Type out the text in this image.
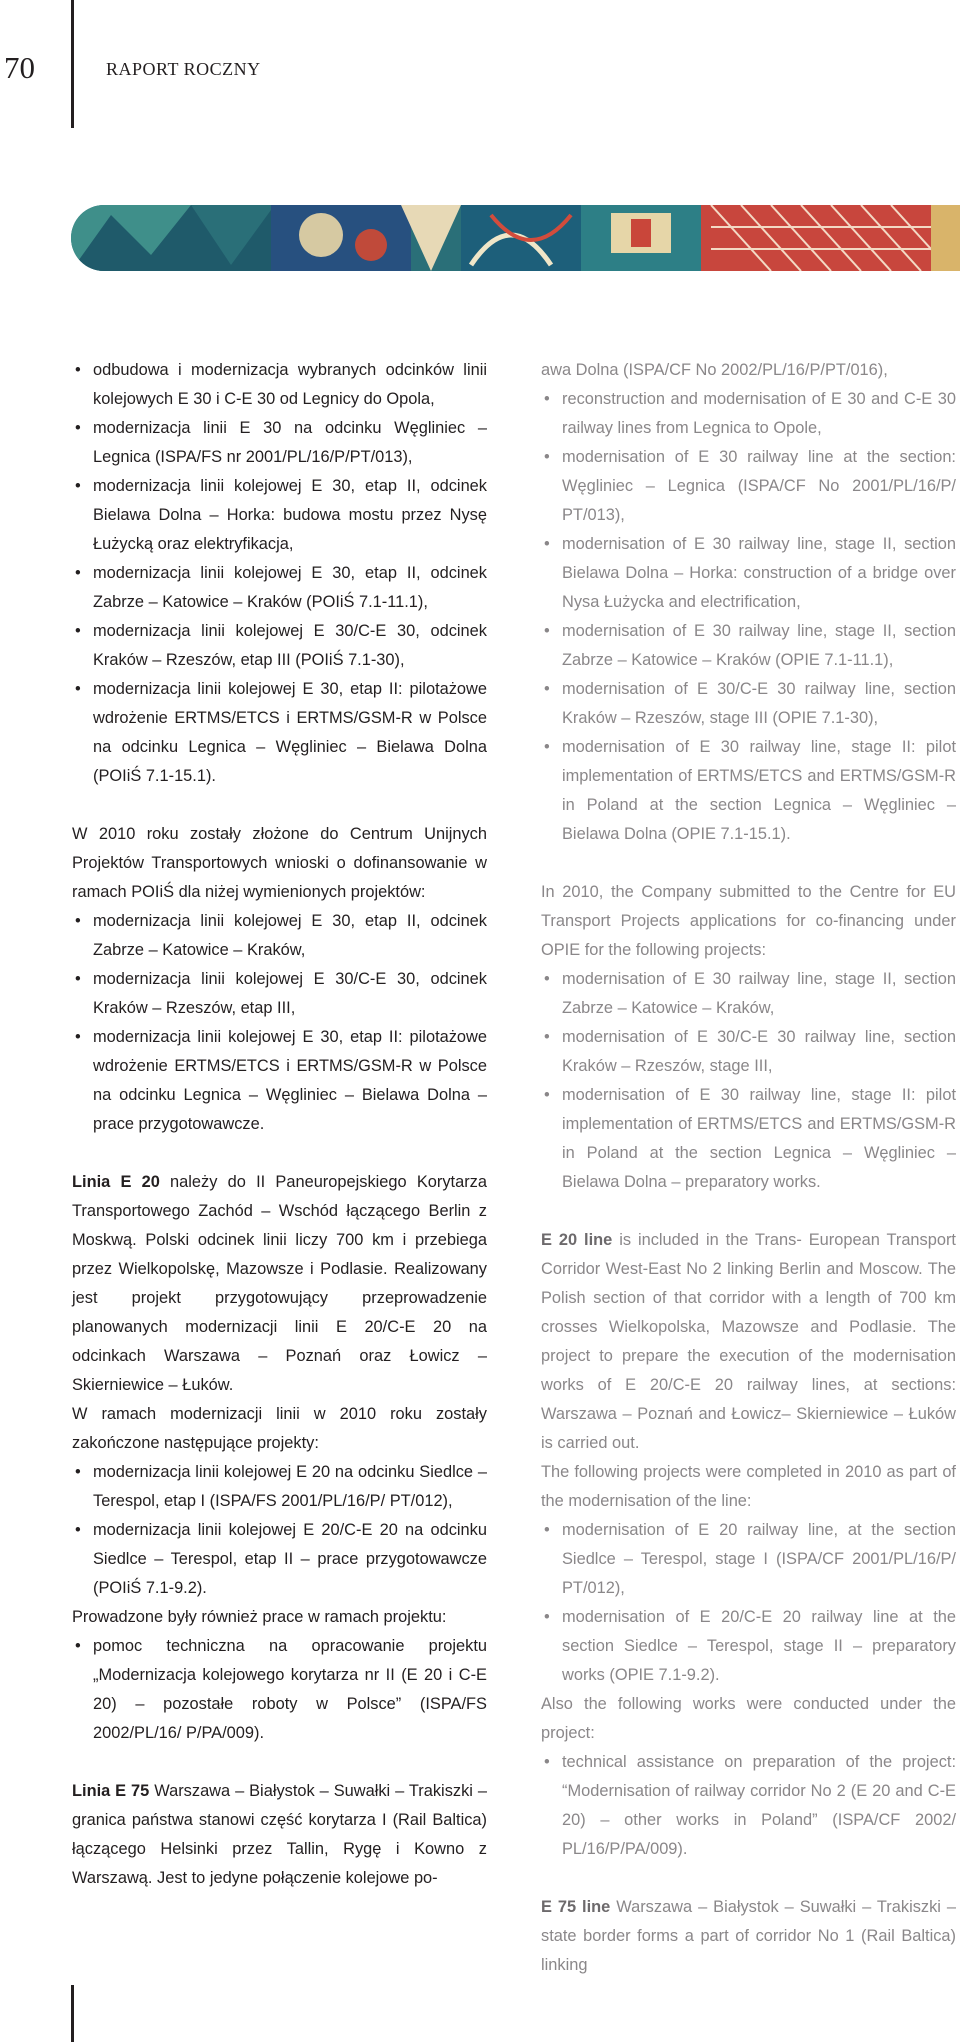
70	RAPORT ROCZNY
• odbudowa i modernizacja wybranych odcinków linii kolejowych E 30 i C-E 30 od Legnicy do Opola,
• modernizacja linii E 30 na odcinku Węgliniec – Legnica (ISPA/FS nr 2001/PL/16/P/PT/013),
• modernizacja linii kolejowej E 30, etap II, odcinek Bielawa Dolna – Horka: budowa mostu przez Nysę Łużycką oraz elektryfikacja,
• modernizacja linii kolejowej E 30, etap II, odcinek Zabrze – Katowice – Kraków (POIiŚ 7.1-11.1),
• modernizacja linii kolejowej E 30/C-E 30, odcinek Kraków – Rzeszów, etap III (POIiŚ 7.1-30),
• modernizacja linii kolejowej E 30, etap II: pilotażowe wdrożenie ERTMS/ETCS i ERTMS/GSM-R w Polsce na odcinku Legnica – Węgliniec – Bielawa Dolna (POIiŚ 7.1-15.1).

W 2010 roku zostały złożone do Centrum Unijnych Projektów Transportowych wnioski o dofinansowanie w ramach POIiŚ dla niżej wymienionych projektów:

• modernizacja linii kolejowej E 30, etap II, odcinek Zabrze – Katowice – Kraków,
• modernizacja linii kolejowej E 30/C-E 30, odcinek Kraków – Rzeszów, etap III,
• modernizacja linii kolejowej E 30, etap II: pilotażowe wdrożenie ERTMS/ETCS i ERTMS/GSM-R w Polsce na odcinku Legnica – Węgliniec – Bielawa Dolna – prace przygotowawcze.

Linia E 20 należy do II Paneuropejskiego Korytarza Transportowego Zachód – Wschód łączącego Berlin z Moskwą. Polski odcinek linii liczy 700 km i przebiega przez Wielkopolskę, Mazowsze i Podlasie. Realizowany jest projekt przygotowujący przeprowadzenie planowanych modernizacji linii E 20/C-E 20 na odcinkach Warszawa – Poznań oraz Łowicz – Skierniewice – Łuków.

W ramach modernizacji linii w 2010 roku zostały zakończone następujące projekty:

• modernizacja linii kolejowej E 20 na odcinku Siedlce – Terespol, etap I (ISPA/FS 2001/PL/16/P/ PT/012),
• modernizacja linii kolejowej E 20/C-E 20 na odcinku Siedlce – Terespol, etap II – prace przygotowawcze (POIiŚ 7.1-9.2).

Prowadzone były również prace w ramach projektu:

• pomoc techniczna na opracowanie projektu „Modernizacja kolejowego korytarza nr II (E 20 i C-E 20) – pozostałe roboty w Polsce” (ISPA/FS 2002/PL/16/ P/PA/009).

Linia E 75 Warszawa – Białystok – Suwałki – Trakiszki – granica państwa stanowi część korytarza I (Rail Baltica) łączącego Helsinki przez Tallin, Rygę i Kowno z Warszawą. Jest to jedyne połączenie kolejowe po-

awa Dolna (ISPA/CF No 2002/PL/16/P/PT/016),

• reconstruction and modernisation of E 30 and C-E 30 railway lines from Legnica to Opole,
• modernisation of E 30 railway line at the section: Węgliniec – Legnica (ISPA/CF No 2001/PL/16/P/ PT/013),
• modernisation of E 30 railway line, stage II, section Bielawa Dolna – Horka: construction of a bridge over Nysa Łużycka and electrification,
• modernisation of E 30 railway line, stage II, section Zabrze – Katowice – Kraków (OPIE 7.1-11.1),
• modernisation of E 30/C-E 30 railway line, section Kraków – Rzeszów, stage III (OPIE 7.1-30),
• modernisation of E 30 railway line, stage II: pilot implementation of ERTMS/ETCS and ERTMS/GSM-R in Poland at the section Legnica – Węgliniec – Bielawa Dolna (OPIE 7.1-15.1).

In 2010, the Company submitted to the Centre for EU Transport Projects applications for co-financing under OPIE for the following projects:

• modernisation of E 30 railway line, stage II, section Zabrze – Katowice – Kraków,
• modernisation of E 30/C-E 30 railway line, section Kraków – Rzeszów, stage III,
• modernisation of E 30 railway line, stage II: pilot implementation of ERTMS/ETCS and ERTMS/GSM-R in Poland at the section Legnica – Węgliniec – Bielawa Dolna – preparatory works.

E 20 line is included in the Trans- European Transport Corridor West-East No 2 linking Berlin and Moscow. The Polish section of that corridor with a length of 700 km crosses Wielkopolska, Mazowsze and Podlasie. The project to prepare the execution of the modernisation works of E 20/C-E 20 railway lines, at sections: Warszawa – Poznań and Łowicz– Skierniewice – Łuków is carried out.

The following projects were completed in 2010 as part of the modernisation of the line:

• modernisation of E 20 railway line, at the section Siedlce – Terespol, stage I (ISPA/CF 2001/PL/16/P/ PT/012),
• modernisation of E 20/C-E 20 railway line at the section Siedlce – Terespol, stage II – preparatory works (OPIE 7.1-9.2).

Also the following works were conducted under the project:

• technical assistance on preparation of the project: “Modernisation of railway corridor No 2 (E 20 and C-E 20) – other works in Poland” (ISPA/CF 2002/ PL/16/P/PA/009).

E 75 line Warszawa – Białystok – Suwałki – Trakiszki – state border forms a part of corridor No 1 (Rail Baltica) linking
